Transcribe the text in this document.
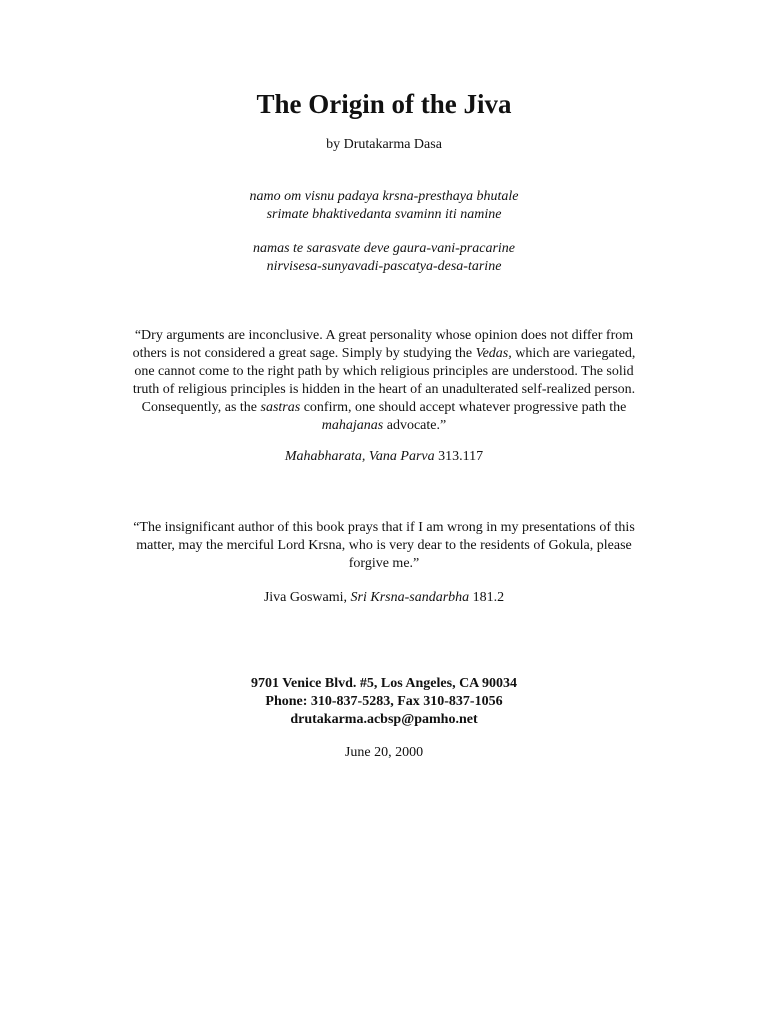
The Origin of the Jiva
by Drutakarma Dasa
namo om visnu padaya krsna-presthaya bhutale
srimate bhaktivedanta svaminn iti namine
namas te sarasvate deve gaura-vani-pracarine
nirvisesa-sunyavadi-pascatya-desa-tarine
“Dry arguments are inconclusive. A great personality whose opinion does not differ from
others is not considered a great sage. Simply by studying the Vedas, which are variegated,
one cannot come to the right path by which religious principles are understood. The solid
truth of religious principles is hidden in the heart of an unadulterated self-realized person.
Consequently, as the sastras confirm, one should accept whatever progressive path the
mahajanas advocate.”
Mahabharata, Vana Parva 313.117
“The insignificant author of this book prays that if I am wrong in my presentations of this
matter, may the merciful Lord Krsna, who is very dear to the residents of Gokula, please
forgive me.”
Jiva Goswami, Sri Krsna-sandarbha 181.2
9701 Venice Blvd. #5, Los Angeles, CA 90034
Phone: 310-837-5283, Fax 310-837-1056
drutakarma.acbsp@pamho.net
June 20, 2000
